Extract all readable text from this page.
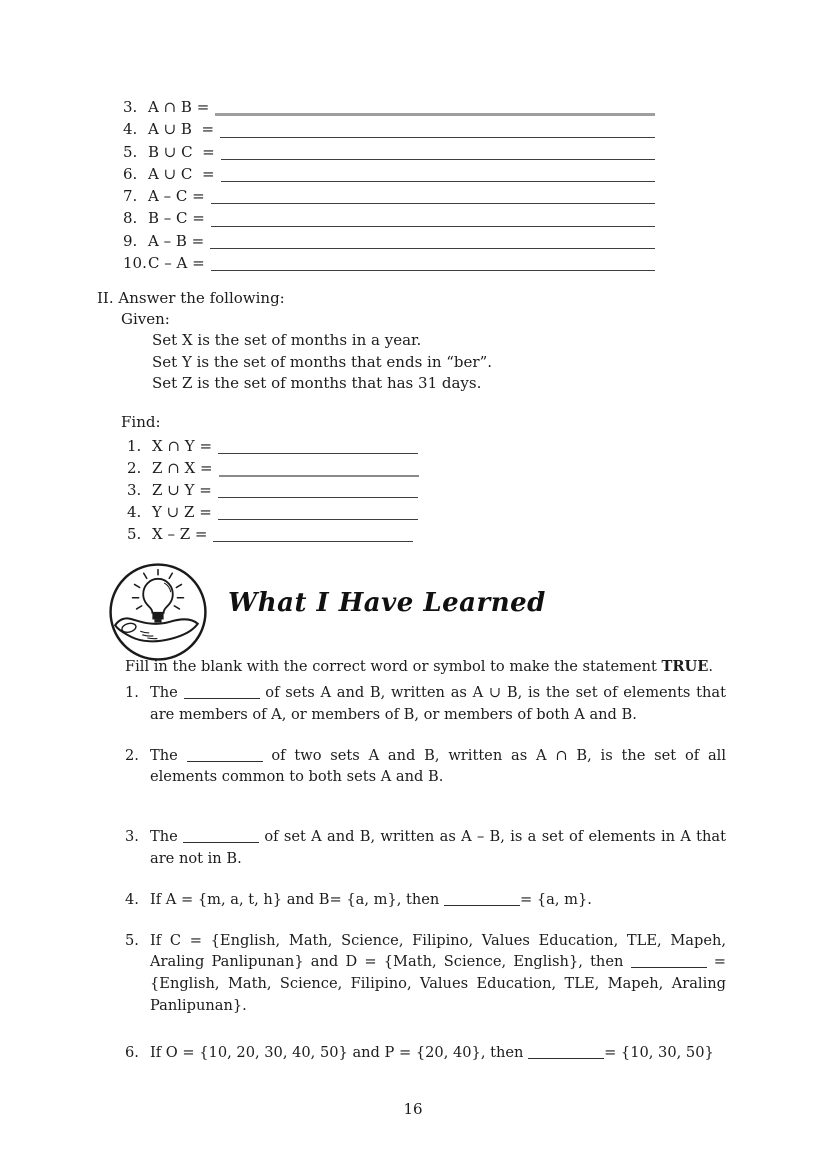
3. A ∩ B =
4. A ∪ B  =
5. B ∪ C  =
6. A ∪ C  =
7. A – C =
8. B – C =
9. A – B =
10. C – A =
II. Answer the following:
Given:
Set X is the set of months in a year.
Set Y is the set of months that ends in “ber”.
Set Z is the set of months that has 31 days.
Find:
1. X ∩ Y =
2. Z ∩ X =
3. Z ∪ Y =
4. Y ∪ Z =
5. X – Z =
What I Have Learned
Fill in the blank with the correct word or symbol to make the statement TRUE.
1. The	of sets A and B, written as A ∪ B, is the set of elements that are members of A, or members of B, or members of both A and B.
2. The	of two sets A and B, written as A ∩ B, is the set of all elements common to both sets A and B.
3. The	of set A and B, written as A – B, is a set of elements in A that are not in B.
4. If A = {m, a, t, h} and B= {a, m}, then	= {a, m}.
5. If C = {English, Math, Science, Filipino, Values Education, TLE, Mapeh, Araling Panlipunan} and D = {Math, Science, English}, then	= {English, Math, Science, Filipino, Values Education, TLE, Mapeh, Araling Panlipunan}.
6. If O = {10, 20, 30, 40, 50} and P = {20, 40}, then	= {10, 30, 50}
16
